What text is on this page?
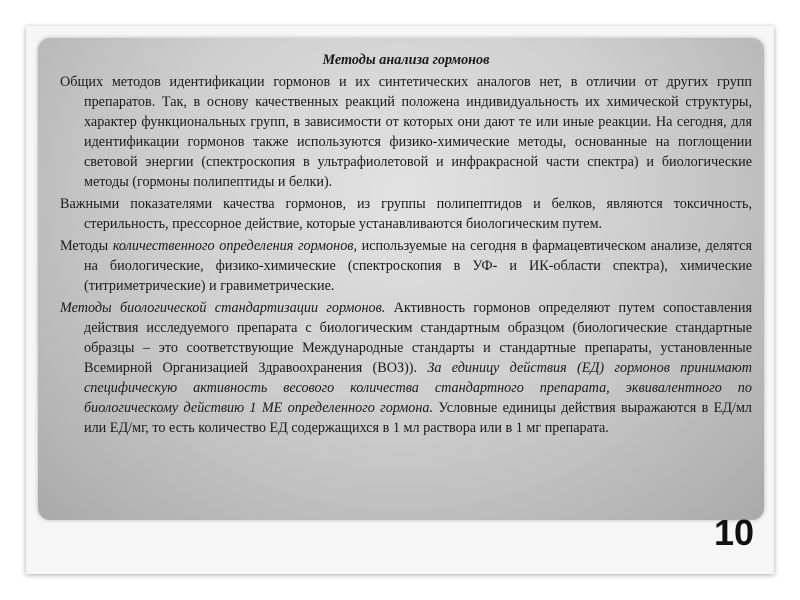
Методы анализа гормонов

Общих методов идентификации гормонов и их синтетических аналогов нет, в отличии от других групп препаратов. Так, в основу качественных реакций положена индивидуальность их химической структуры, характер функциональных групп, в зависимости от которых они дают те или иные реакции. На сегодня, для идентификации гормонов также используются физико-химические методы, основанные на поглощении световой энергии (спектроскопия в ультрафиолетовой и инфракрасной части спектра) и биологические методы (гормоны полипептиды и белки).

Важными показателями качества гормонов, из группы полипептидов и белков, являются токсичность, стерильность, прессорное действие, которые устанавливаются биологическим путем.

Методы количественного определения гормонов, используемые на сегодня в фармацевтическом анализе, делятся на биологические, физико-химические (спектроскопия в УФ- и ИК-области спектра), химические (титриметрические) и гравиметрические.

Методы биологической стандартизации гормонов. Активность гормонов определяют путем сопоставления действия исследуемого препарата с биологическим стандартным образцом (биологические стандартные образцы – это соответствующие Международные стандарты и стандартные препараты, установленные Всемирной Организацией Здравоохранения (ВОЗ)). За единицу действия (ЕД) гормонов принимают специфическую активность весового количества стандартного препарата, эквивалентного по биологическому действию 1 МЕ определенного гормона. Условные единицы действия выражаются в ЕД/мл или ЕД/мг, то есть количество ЕД содержащихся в 1 мл раствора или в 1 мг препарата.

10
